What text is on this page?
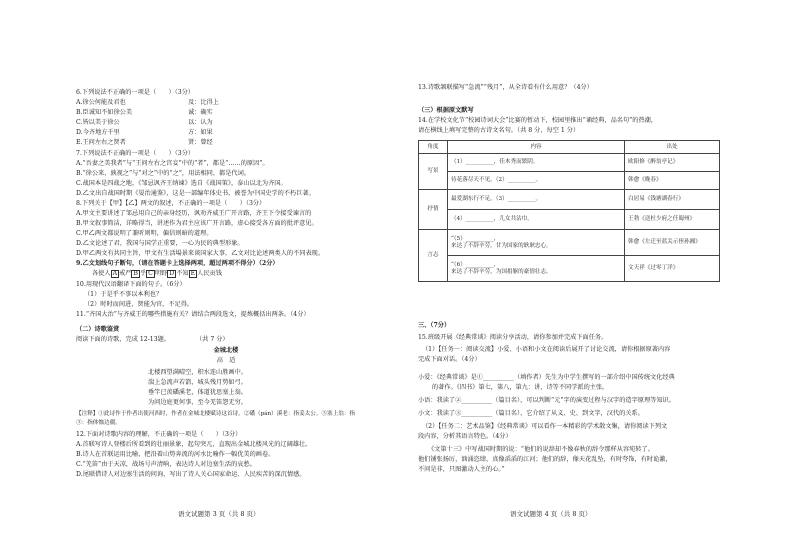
6.下列说法不正确的一项是（　　）（3分）
A.徐公何能及君也	及：比得上
B.臣诚知不如徐公美	诚：确实
C.皆以美于徐公	以：认为
D.今齐地方千里	方：如果
E.王问左右之贤者	贤：曾经
7.下列说法不正确的一项是（　　）（3分）
A.“吾妻之美我者”与“王问左右之宫妾”中的“者”，都是“……的原因”。
B.“徐公来，孰视之”与“对之”中的“之”，用法相同，都是代词。
C.战国本是四战之地，《邹忌讽齐王纳谏》选自《战国策》，泰山以北为齐国。
D.乙文出自战国时期《晏治通鉴》，这是一部编年体史书，被誉为中国史学的不朽巨著。
8.下列关于【甲】【乙】两文的叙述，不正确的一项是（　　）（3分）
A.甲文主要讲述了邹忌用自己的亲身经历，讽劝齐威王广开言路，齐王下令接受谏言的
B.甲文叙事简洁，详略得当，讲述作为君主应该广开言路，虚心接受各方面的批评意见。
C.甲乙两文都说明了兼听则明，偏信则暗的道理。
D.乙文论述了君，我国与国学正重要，一心为民的典型形象。
D.甲乙两文有共同主旨，甲文有生活場景来谈国家大事，乙文对比论述两类人的不同表现。
9.乙文划线句子断句，（请在答题卡上选择两项，超过两项不得分）（2分）
各使人 A 戒严 B 乎 C 明野 D 不知 E 人民贡钱
10.用现代汉语翻译下面的句子。（6分）
（1）于是乎不事以本利也？
（2）时时而间进，贤能为官，不足得。
11.“齐国大治”与齐威王的哪些措施有关？请结合两段选文，提炼概括出两条。（4分）
（二）诗歌鉴赏
阅读下面的诗歌，完成 12-13题。	（共 7 分）
金城北楼
高　适
北楼西望满晴空，积水连山胜画中。
湍上急流声若箭，城头残月势如弓。
垂竿已羡磻溪老，体道犹思塞上翁。
为问边庭更何事，至今羌笛怨无穷。
【注释】①此诗作于作者出使河西时，作者在金城北楼赋诗这首诗。②磻（pán）溪老：指姜太公。③塞上翁：指
③：指体恤边疆。
12.下面对诗歌内容的理解，不正确的一项是（　　）（3分）
A.首联写诗人登楼后所看到的壮丽景象，起句突兀，直现出金城北楼风光的辽阔雄壮。
B.诗人在首联运用比喻，把沿着山势奔流的河水比喻作一幅优美的画卷。
C.“羌笛”由于天凉，战场号声清响，表达诗人对边塞生活的哀愁。
D.尾联借诗人对边塞生活的问询，写出了诗人关心国家命运、人民疾苦的深沉情感。
语文试题第 3 页（共 8 页）
13.诗歌颔联描写“急流”“残月”，从全诗看有什么用意？（4分）
（三）根据原文默写
14.在学校文化节“校园诗词大会”比赛的暂动下，校园里推出“诵经典，品名句”的热潮，
请在横线上填写完整的古诗文名句。（共 8 分，每空 1 分）
角度	内容	出处
写景	（1）__________，佳木秀而繁阴。	欧阳修《醉翁亭记》
	待花落尽天不见，（2）__________。	韩愈《晚春》
抒情	最爱湖东行不足，（3）__________。	白居易《钱塘湖春行》
	（4）__________，儿女共沾巾。	王勃《送杜少府之任蜀州》
言志	“（5）__________，
来达了不辞辛劳，甘为国家的耿耿忠心。	韩愈《左迁至蓝关示侄孙湘》

	“（6）__________，
来达了不辞辛劳，为国捐躯的豪情壮志。	文天祥《过零丁洋》
三、（7分）
15.班级开展《经典常谈》阅读分享活动，请你参加并完成下面任务。
（1）【任务一：阅读交流】小爱、小语和小文在阅读后展开了讨论交流，请你根据原著内容
完成下面对话。（4分）
小爱：《经典常谈》是①__________（填作者）先生为中学生撰写的一部介绍中国传统文化经典
的著作。《四书》第七，第八，第九：讲，诗等不同学派的主张。
小语：我读了②__________（篇目名），可以判断“元”字的演变过程与汉字的造字原理等知识。
小文：我读了③__________（篇目名），它介绍了从义、史、到文字，汉代的关系。
（2）【任务二：艺术品鉴】《经典常谈》可以看作一本精彩的学术散文集，请你阅读下列文
段内容，分析其语言特色。（4分）
《文第十三》中写战国时期的说：“他们的说辞却不像春秋的辞令那样从容宛转了。
他们铺张扬厉，汹涌恣肆，真像滔滔的江河；他们的辞，像天花乱坠，有时夸饰，有时诡激，
不问是非，只图激动人主的心。”
语文试题第 4 页（共 8 页）
